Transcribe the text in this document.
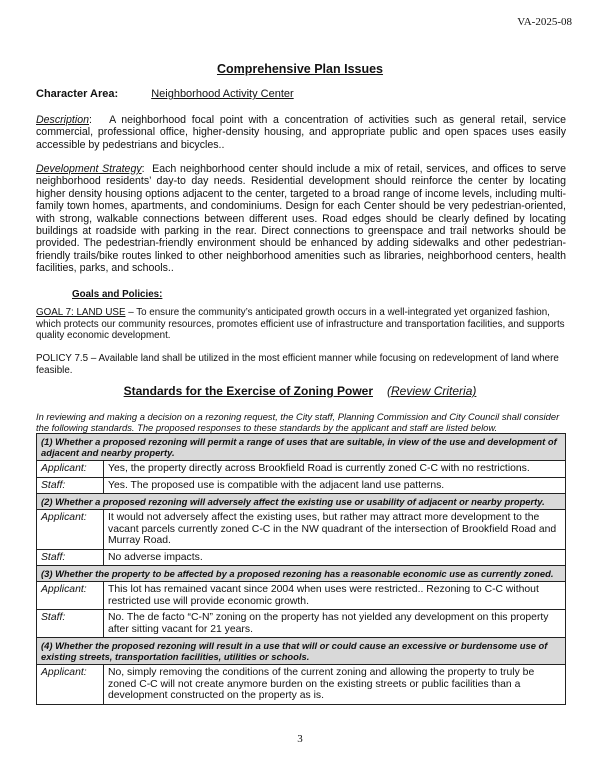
VA-2025-08
Comprehensive Plan Issues
Character Area:	Neighborhood Activity Center
Description:   A neighborhood focal point with a concentration of activities such as general retail, service commercial, professional office, higher-density housing, and appropriate public and open spaces uses easily accessible by pedestrians and bicycles..
Development Strategy:  Each neighborhood center should include a mix of retail, services, and offices to serve neighborhood residents’ day-to day needs. Residential development should reinforce the center by locating higher density housing options adjacent to the center, targeted to a broad range of income levels, including multi-family town homes, apartments, and condominiums. Design for each Center should be very pedestrian-oriented, with strong, walkable connections between different uses. Road edges should be clearly defined by locating buildings at roadside with parking in the rear. Direct connections to greenspace and trail networks should be provided. The pedestrian-friendly environment should be enhanced by adding sidewalks and other pedestrian-friendly trails/bike routes linked to other neighborhood amenities such as libraries, neighborhood centers, health facilities, parks, and schools..
Goals and Policies:
GOAL 7: LAND USE – To ensure the community’s anticipated growth occurs in a well-integrated yet organized fashion, which protects our community resources, promotes efficient use of infrastructure and transportation facilities, and supports quality economic development.
POLICY 7.5 – Available land shall be utilized in the most efficient manner while focusing on redevelopment of land where feasible.
Standards for the Exercise of Zoning Power (Review Criteria)
In reviewing and making a decision on a rezoning request, the City staff, Planning Commission and City Council shall consider the following standards. The proposed responses to these standards by the applicant and staff are listed below.
(1) Whether a proposed rezoning will permit a range of uses that are suitable, in view of the use and development of adjacent and nearby property.	
Applicant:	Yes, the property directly across Brookfield Road is currently zoned C-C with no restrictions.
Staff:	Yes. The proposed use is compatible with the adjacent land use patterns.
(2) Whether a proposed rezoning will adversely affect the existing use or usability of adjacent or nearby property.	
Applicant:	It would not adversely affect the existing uses, but rather may attract more development to the vacant parcels currently zoned C-C in the NW quadrant of the intersection of Brookfield Road and Murray Road.
Staff:	No adverse impacts.
(3) Whether the property to be affected by a proposed rezoning has a reasonable economic use as currently zoned.	
Applicant:	This lot has remained vacant since 2004 when uses were restricted.. Rezoning to C-C without restricted use will provide economic growth.
Staff:	No. The de facto “C-N” zoning on the property has not yielded any development on this property after sitting vacant for 21 years.
(4) Whether the proposed rezoning will result in a use that will or could cause an excessive or burdensome use of existing streets, transportation facilities, utilities or schools.	
Applicant:	No, simply removing the conditions of the current zoning and allowing the property to truly be zoned C-C will not create anymore burden on the existing streets or public facilities than a development constructed on the property as is.
3
